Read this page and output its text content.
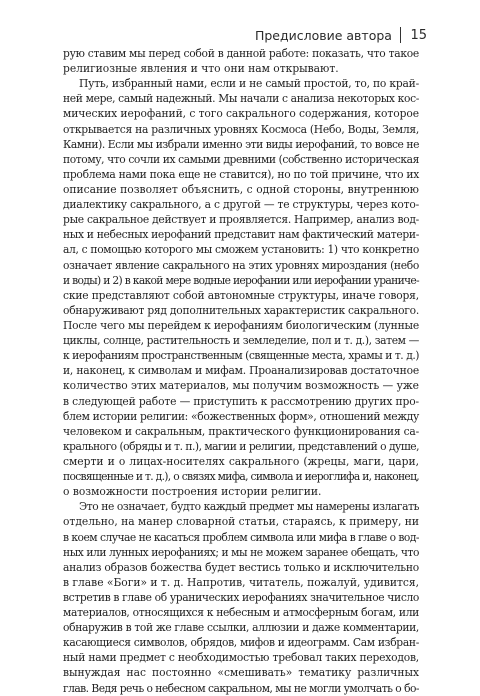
Предисловие автора 15
рую ставим мы перед собой в данной работе: показать, что такое
религиозные явления и что они нам открывают.
Путь, избранный нами, если и не самый простой, то, по край-
ней мере, самый надежный. Мы начали с анализа некоторых кос-
мических иерофаний, с того сакрального содержания, которое
открывается на различных уровнях Космоса (Небо, Воды, Земля,
Камни). Если мы избрали именно эти виды иерофаний, то вовсе не
потому, что сочли их самыми древними (собственно историческая
проблема нами пока еще не ставится), но по той причине, что их
описание позволяет объяснить, с одной стороны, внутреннюю
диалектику сакрального, а с другой — те структуры, через кото-
рые сакральное действует и проявляется. Например, анализ вод-
ных и небесных иерофаний представит нам фактический матери-
ал, с помощью которого мы сможем установить: 1) что конкретно
означает явление сакрального на этих уровнях мироздания (небо
и воды) и 2) в какой мере водные иерофании или иерофании ураниче-
ские представляют собой автономные структуры, иначе говоря,
обнаруживают ряд дополнительных характеристик сакрального.
После чего мы перейдем к иерофаниям биологическим (лунные
циклы, солнце, растительность и земледелие, пол и т. д.), затем —
к иерофаниям пространственным (священные места, храмы и т. д.)
и, наконец, к символам и мифам. Проанализировав достаточное
количество этих материалов, мы получим возможность — уже
в следующей работе — приступить к рассмотрению других про-
блем истории религии: «божественных форм», отношений между
человеком и сакральным, практического функционирования са-
крального (обряды и т. п.), магии и религии, представлений о душе,
смерти и о лицах-носителях сакрального (жрецы, маги, цари,
посвященные и т. д.), о связях мифа, символа и иероглифа и, наконец,
о возможности построения истории религии.
Это не означает, будто каждый предмет мы намерены излагать
отдельно, на манер словарной статьи, стараясь, к примеру, ни
в коем случае не касаться проблем символа или мифа в главе о вод-
ных или лунных иерофаниях; и мы не можем заранее обещать, что
анализ образов божества будет вестись только и исключительно
в главе «Боги» и т. д. Напротив, читатель, пожалуй, удивится,
встретив в главе об уранических иерофаниях значительное число
материалов, относящихся к небесным и атмосферным богам, или
обнаружив в той же главе ссылки, аллюзии и даже комментарии,
касающиеся символов, обрядов, мифов и идеограмм. Сам избран-
ный нами предмет с необходимостью требовал таких переходов,
вынуждая нас постоянно «смешивать» тематику различных
глав. Ведя речь о небесном сакральном, мы не могли умолчать о бо-
